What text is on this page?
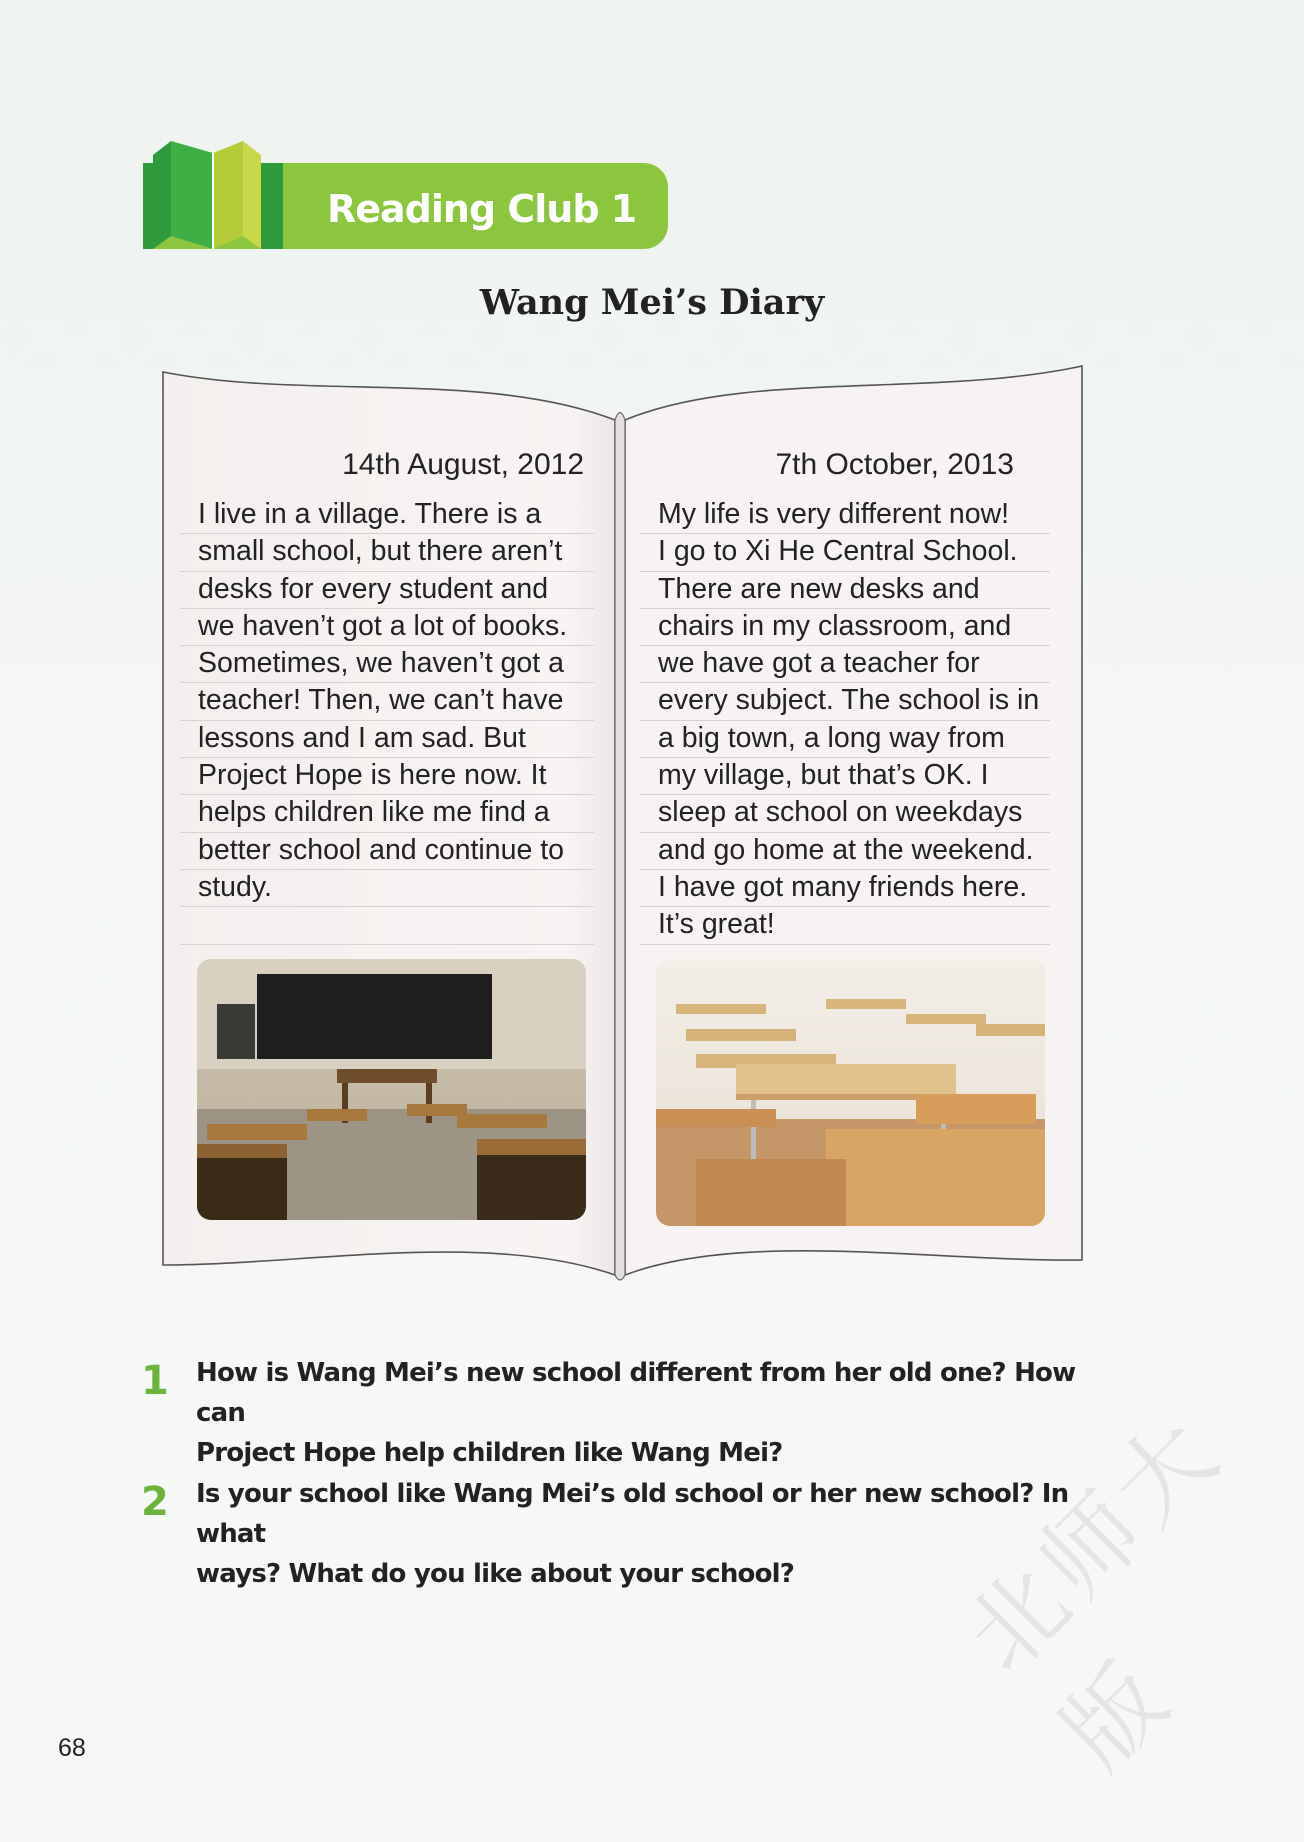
Reading Club 1
Wang Mei’s Diary
14th August, 2012
I live in a village. There is a
small school, but there aren’t
desks for every student and
we haven’t got a lot of books.
Sometimes, we haven’t got a
teacher! Then, we can’t have
lessons and I am sad. But
Project Hope is here now. It
helps children like me find a
better school and continue to
study.
7th October, 2013
My life is very different now!
I go to Xi He Central School.
There are new desks and
chairs in my classroom, and
we have got a teacher for
every subject. The school is in
a big town, a long way from
my village, but that’s OK. I
sleep at school on weekdays
and go home at the weekend.
I have got many friends here.
It’s great!
1 How is Wang Mei’s new school different from her old one? How can
Project Hope help children like Wang Mei?
2 Is your school like Wang Mei’s old school or her new school? In what
ways? What do you like about your school?	北师大版
68
